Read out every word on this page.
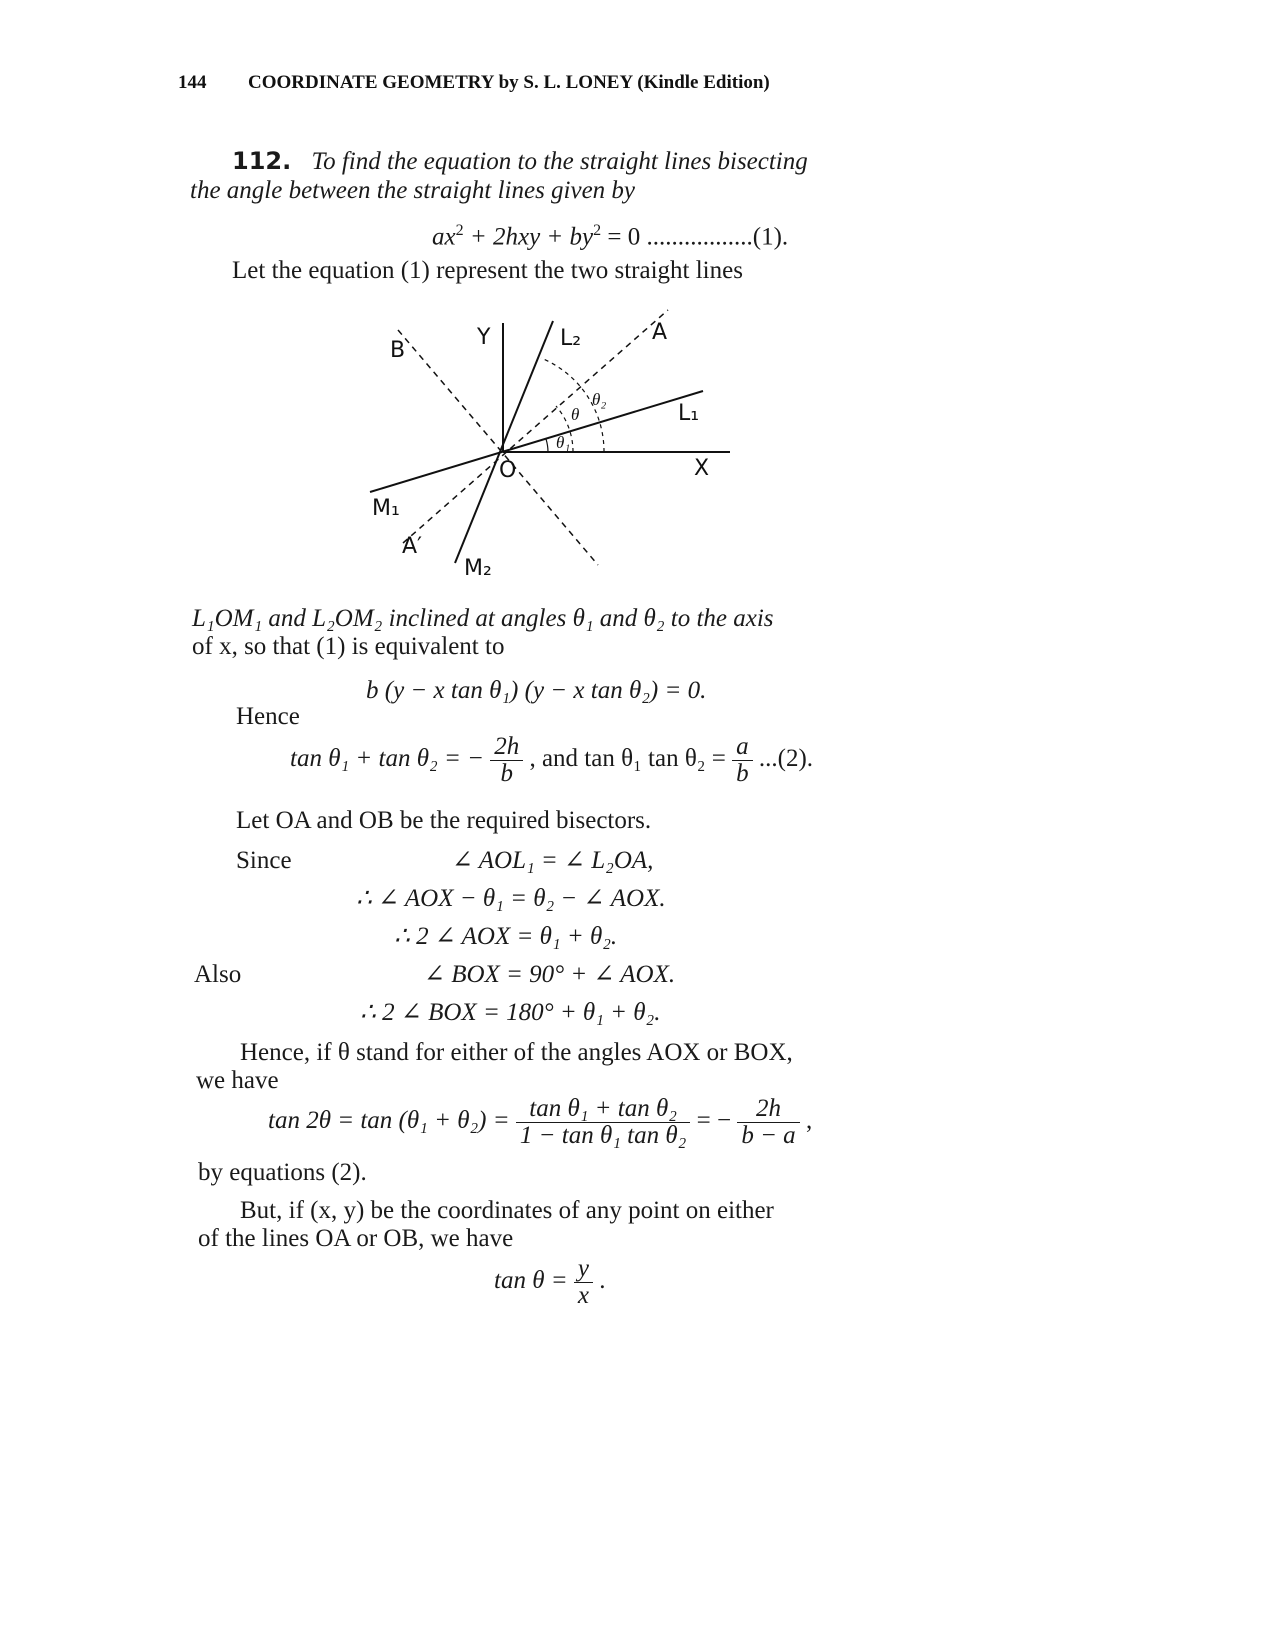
144 COORDINATE GEOMETRY by S. L. LONEY (Kindle Edition)
112. To find the equation to the straight lines bisecting
the angle between the straight lines given by
$ax^2 + 2hxy + by^2 = 0$ .................(1).
Let the equation (1) represent the two straight lines
Y
B	L₂	A
θ₂
L₁
θ
θ₁
O	X
M₁
A′
M₂
L₁OM₁ and L₂OM₂ inclined at angles θ₁ and θ₂ to the axis
of x, so that (1) is equivalent to
b (y − x tan θ₁) (y − x tan θ₂) = 0.
Hence
tan θ₁ + tan θ₂ = − $\frac{2h}{b}$ , and tan θ₁ $\tan \theta_2 = \frac{a}{b} ...(2)$.
Let OA and OB be the required bisectors.
Since	∠ AOL₁ = ∠ L₂OA,
∴ ∠ AOX − θ₁ = θ₂ − ∠ AOX.
∴ 2 ∠ AOX = θ₁ + θ₂.
Also	∠ BOX = 90° + ∠ AOX.
∴ 2 ∠ BOX = 180° + θ₁ + θ₂.
Hence, if θ stand for either of the angles AOX or BOX,
we have
$\tan 2\theta = \tan (\theta_1 + \theta_2) = \frac{\text{tan θ₁ + tan θ₂}}{\text{1 − tan θ₁ tan θ₂}}$ = − $\frac{2h}{b - a}$ ,
by equations (2).
But, if (x, y) be the coordinates of any point on either
of the lines OA or OB, we have
$\tan \theta = \frac{y}{x}$ .
